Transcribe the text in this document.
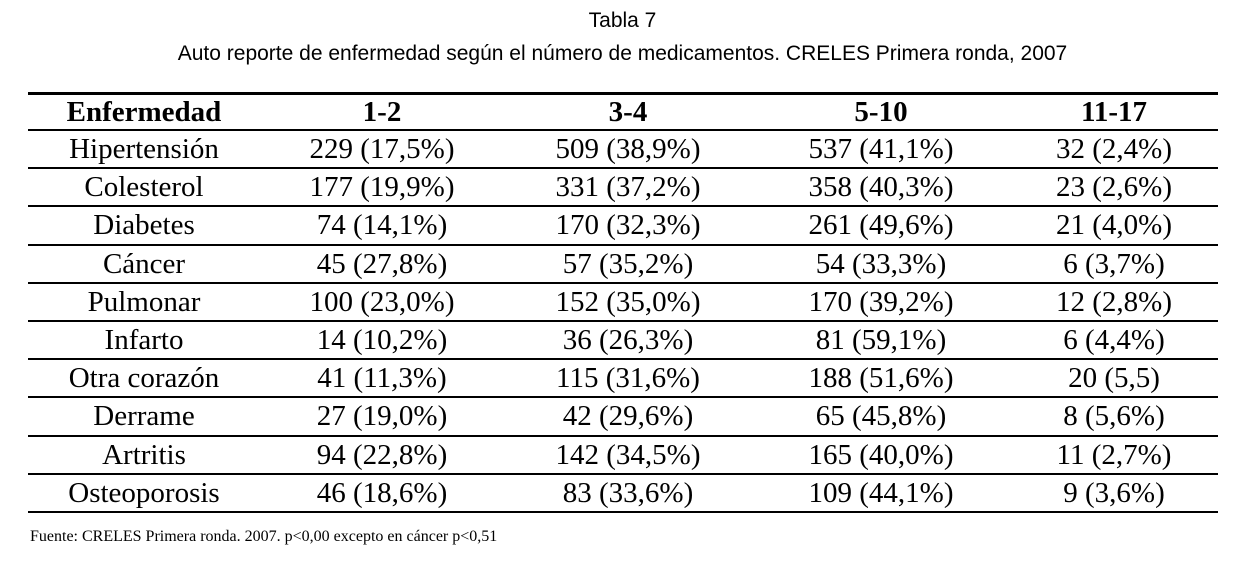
Tabla 7
Auto reporte de enfermedad según el número de medicamentos. CRELES Primera ronda, 2007
Enfermedad	1-2	3-4	5-10	11-17
Hipertensión	229 (17,5%)	509 (38,9%)	537 (41,1%)	32 (2,4%)
Colesterol	177 (19,9%)	331 (37,2%)	358 (40,3%)	23 (2,6%)
Diabetes	74 (14,1%)	170 (32,3%)	261 (49,6%)	21 (4,0%)
Cáncer	45 (27,8%)	57 (35,2%)	54 (33,3%)	6 (3,7%)
Pulmonar	100 (23,0%)	152 (35,0%)	170 (39,2%)	12 (2,8%)
Infarto	14 (10,2%)	36 (26,3%)	81 (59,1%)	6 (4,4%)
Otra corazón	41 (11,3%)	115 (31,6%)	188 (51,6%)	20 (5,5)
Derrame	27 (19,0%)	42 (29,6%)	65 (45,8%)	8 (5,6%)
Artritis	94 (22,8%)	142 (34,5%)	165 (40,0%)	11 (2,7%)
Osteoporosis	46 (18,6%)	83 (33,6%)	109 (44,1%)	9 (3,6%)
Fuente: CRELES Primera ronda. 2007. p<0,00 excepto en cáncer p<0,51
